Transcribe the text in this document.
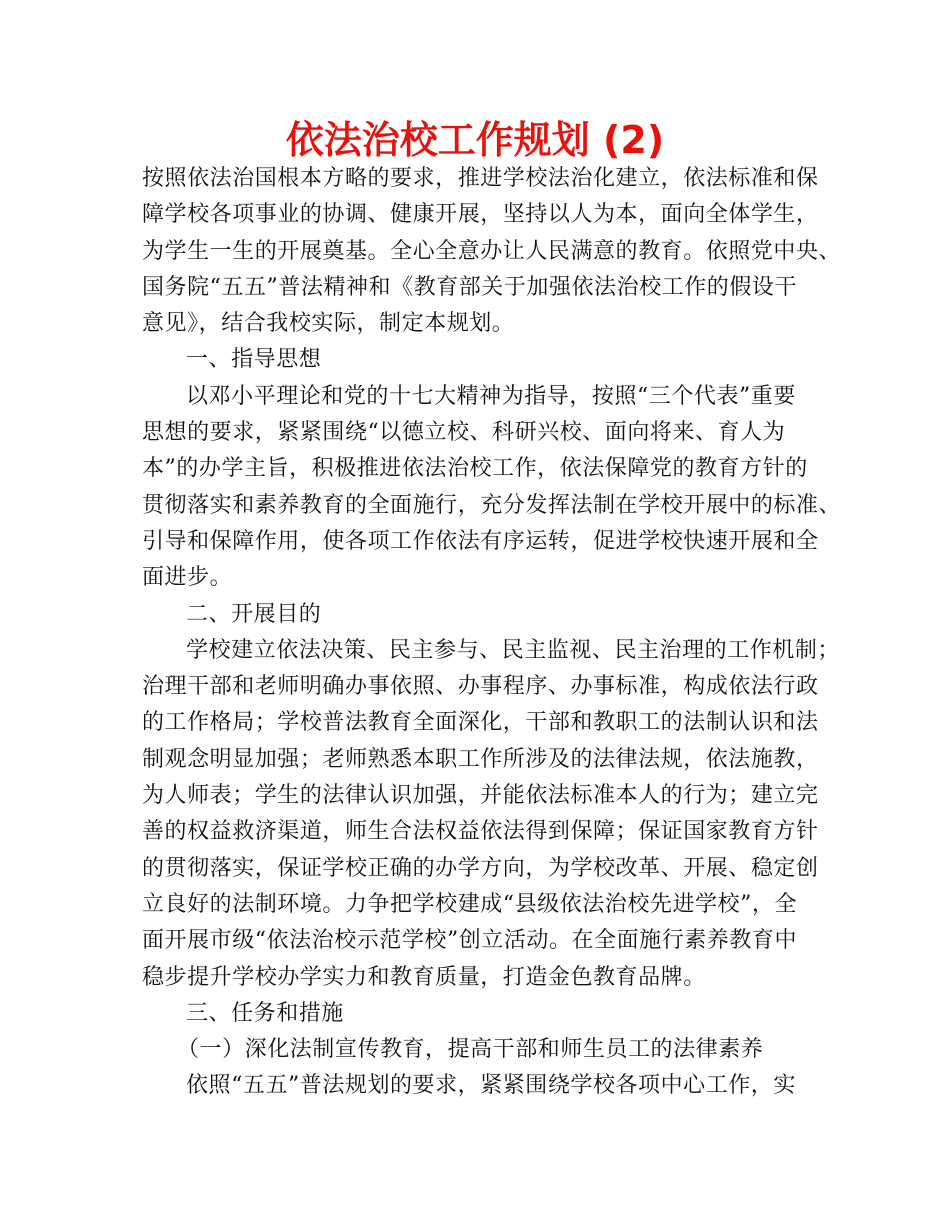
依法治校工作规划 (2)

按照依法治国根本方略的要求，推进学校法治化建立，依法标准和保
障学校各项事业的协调、健康开展，坚持以人为本，面向全体学生，
为学生一生的开展奠基。全心全意办让人民满意的教育。依照党中央、
国务院“五五”普法精神和《教育部关于加强依法治校工作的假设干
意见》，结合我校实际，制定本规划。

一、指导思想

以邓小平理论和党的十七大精神为指导，按照“三个代表”重要
思想的要求，紧紧围绕“以德立校、科研兴校、面向将来、育人为
本”的办学主旨，积极推进依法治校工作，依法保障党的教育方针的
贯彻落实和素养教育的全面施行，充分发挥法制在学校开展中的标准、
引导和保障作用，使各项工作依法有序运转，促进学校快速开展和全
面进步。

二、开展目的

学校建立依法决策、民主参与、民主监视、民主治理的工作机制；
治理干部和老师明确办事依照、办事程序、办事标准，构成依法行政
的工作格局；学校普法教育全面深化，干部和教职工的法制认识和法
制观念明显加强；老师熟悉本职工作所涉及的法律法规，依法施教，
为人师表；学生的法律认识加强，并能依法标准本人的行为；建立完
善的权益救济渠道，师生合法权益依法得到保障；保证国家教育方针
的贯彻落实，保证学校正确的办学方向，为学校改革、开展、稳定创
立良好的法制环境。力争把学校建成“县级依法治校先进学校”，全
面开展市级“依法治校示范学校”创立活动。在全面施行素养教育中
稳步提升学校办学实力和教育质量，打造金色教育品牌。

三、任务和措施

（一）深化法制宣传教育，提高干部和师生员工的法律素养

依照“五五”普法规划的要求，紧紧围绕学校各项中心工作，实
